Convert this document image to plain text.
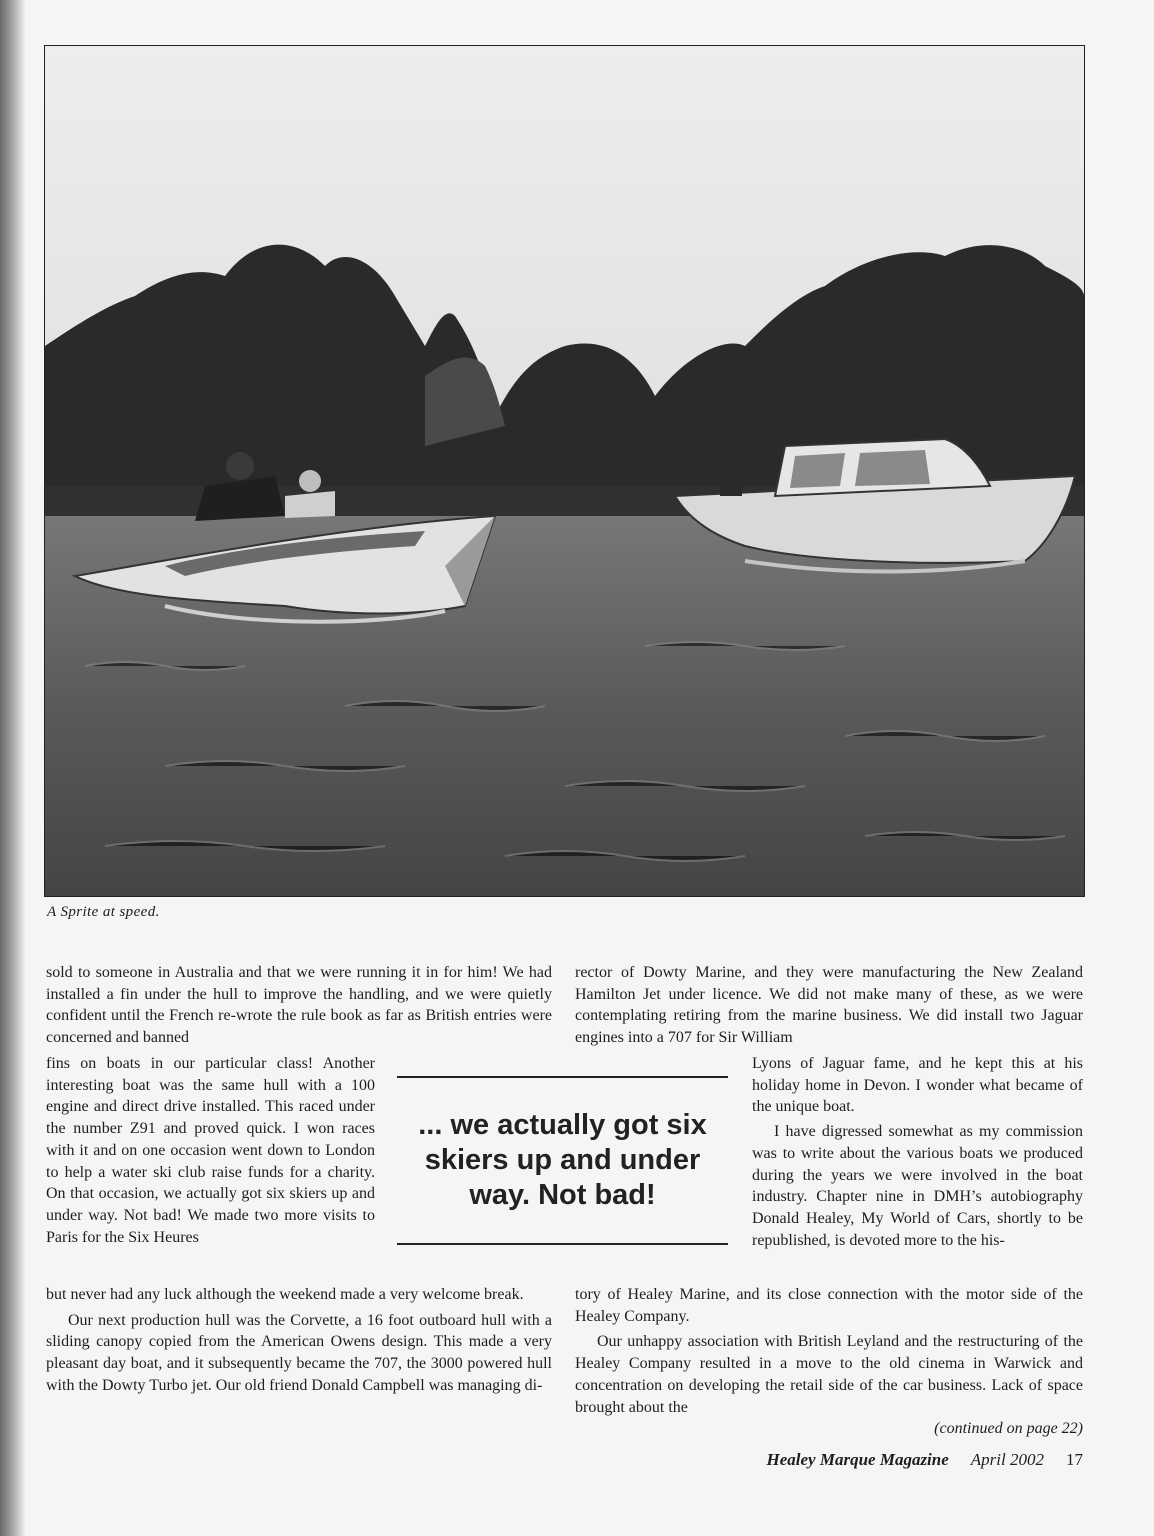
A Sprite at speed.

sold to someone in Australia and that we were running it in for him! We had installed a fin under the hull to improve the handling, and we were quietly confident until the French re-wrote the rule book as far as British entries were concerned and banned

fins on boats in our particular class! Another interesting boat was the same hull with a 100 engine and direct drive installed. This raced under the number Z91 and proved quick. I won races with it and on one occasion went down to London to help a water ski club raise funds for a charity. On that occasion, we actually got six skiers up and under way. Not bad! We made two more visits to Paris for the Six Heures

but never had any luck although the weekend made a very welcome break.

Our next production hull was the Corvette, a 16 foot outboard hull with a sliding canopy copied from the American Owens design. This made a very pleasant day boat, and it subsequently became the 707, the 3000 powered hull with the Dowty Turbo jet. Our old friend Donald Campbell was managing di-

rector of Dowty Marine, and they were manufacturing the New Zealand Hamilton Jet under licence. We did not make many of these, as we were contemplating retiring from the marine business. We did install two Jaguar engines into a 707 for Sir William

Lyons of Jaguar fame, and he kept this at his holiday home in Devon. I wonder what became of the unique boat.

I have digressed somewhat as my commission was to write about the various boats we produced during the years we were involved in the boat industry. Chapter nine in DMH’s autobiography Donald Healey, My World of Cars, shortly to be republished, is devoted more to the his-

tory of Healey Marine, and its close connection with the motor side of the Healey Company.

Our unhappy association with British Leyland and the restructuring of the Healey Company resulted in a move to the old cinema in Warwick and concentration on developing the retail side of the car business. Lack of space brought about the

(continued on page 22)

... we actually got six skiers up and under way. Not bad!
Healey Marque Magazine April 2002 17
